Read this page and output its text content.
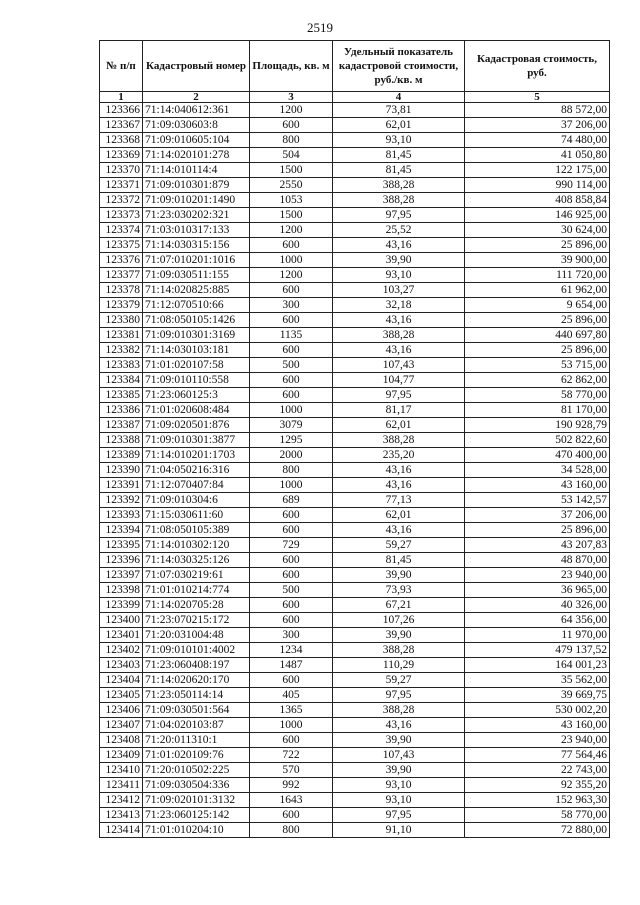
2519
№ п/п	Кадастровый номер	Площадь, кв. м	Удельный показатель кадастровой стоимости, руб./кв. м	Кадастровая стоимость, руб.
1	2	3	4	5
123366	71:14:040612:361	1200	73,81	88 572,00
123367	71:09:030603:8	600	62,01	37 206,00
123368	71:09:010605:104	800	93,10	74 480,00
123369	71:14:020101:278	504	81,45	41 050,80
123370	71:14:010114:4	1500	81,45	122 175,00
123371	71:09:010301:879	2550	388,28	990 114,00
123372	71:09:010201:1490	1053	388,28	408 858,84
123373	71:23:030202:321	1500	97,95	146 925,00
123374	71:03:010317:133	1200	25,52	30 624,00
123375	71:14:030315:156	600	43,16	25 896,00
123376	71:07:010201:1016	1000	39,90	39 900,00
123377	71:09:030511:155	1200	93,10	111 720,00
123378	71:14:020825:885	600	103,27	61 962,00
123379	71:12:070510:66	300	32,18	9 654,00
123380	71:08:050105:1426	600	43,16	25 896,00
123381	71:09:010301:3169	1135	388,28	440 697,80
123382	71:14:030103:181	600	43,16	25 896,00
123383	71:01:020107:58	500	107,43	53 715,00
123384	71:09:010110:558	600	104,77	62 862,00
123385	71:23:060125:3	600	97,95	58 770,00
123386	71:01:020608:484	1000	81,17	81 170,00
123387	71:09:020501:876	3079	62,01	190 928,79
123388	71:09:010301:3877	1295	388,28	502 822,60
123389	71:14:010201:1703	2000	235,20	470 400,00
123390	71:04:050216:316	800	43,16	34 528,00
123391	71:12:070407:84	1000	43,16	43 160,00
123392	71:09:010304:6	689	77,13	53 142,57
123393	71:15:030611:60	600	62,01	37 206,00
123394	71:08:050105:389	600	43,16	25 896,00
123395	71:14:010302:120	729	59,27	43 207,83
123396	71:14:030325:126	600	81,45	48 870,00
123397	71:07:030219:61	600	39,90	23 940,00
123398	71:01:010214:774	500	73,93	36 965,00
123399	71:14:020705:28	600	67,21	40 326,00
123400	71:23:070215:172	600	107,26	64 356,00
123401	71:20:031004:48	300	39,90	11 970,00
123402	71:09:010101:4002	1234	388,28	479 137,52
123403	71:23:060408:197	1487	110,29	164 001,23
123404	71:14:020620:170	600	59,27	35 562,00
123405	71:23:050114:14	405	97,95	39 669,75
123406	71:09:030501:564	1365	388,28	530 002,20
123407	71:04:020103:87	1000	43,16	43 160,00
123408	71:20:011310:1	600	39,90	23 940,00
123409	71:01:020109:76	722	107,43	77 564,46
123410	71:20:010502:225	570	39,90	22 743,00
123411	71:09:030504:336	992	93,10	92 355,20
123412	71:09:020101:3132	1643	93,10	152 963,30
123413	71:23:060125:142	600	97,95	58 770,00
123414	71:01:010204:10	800	91,10	72 880,00
